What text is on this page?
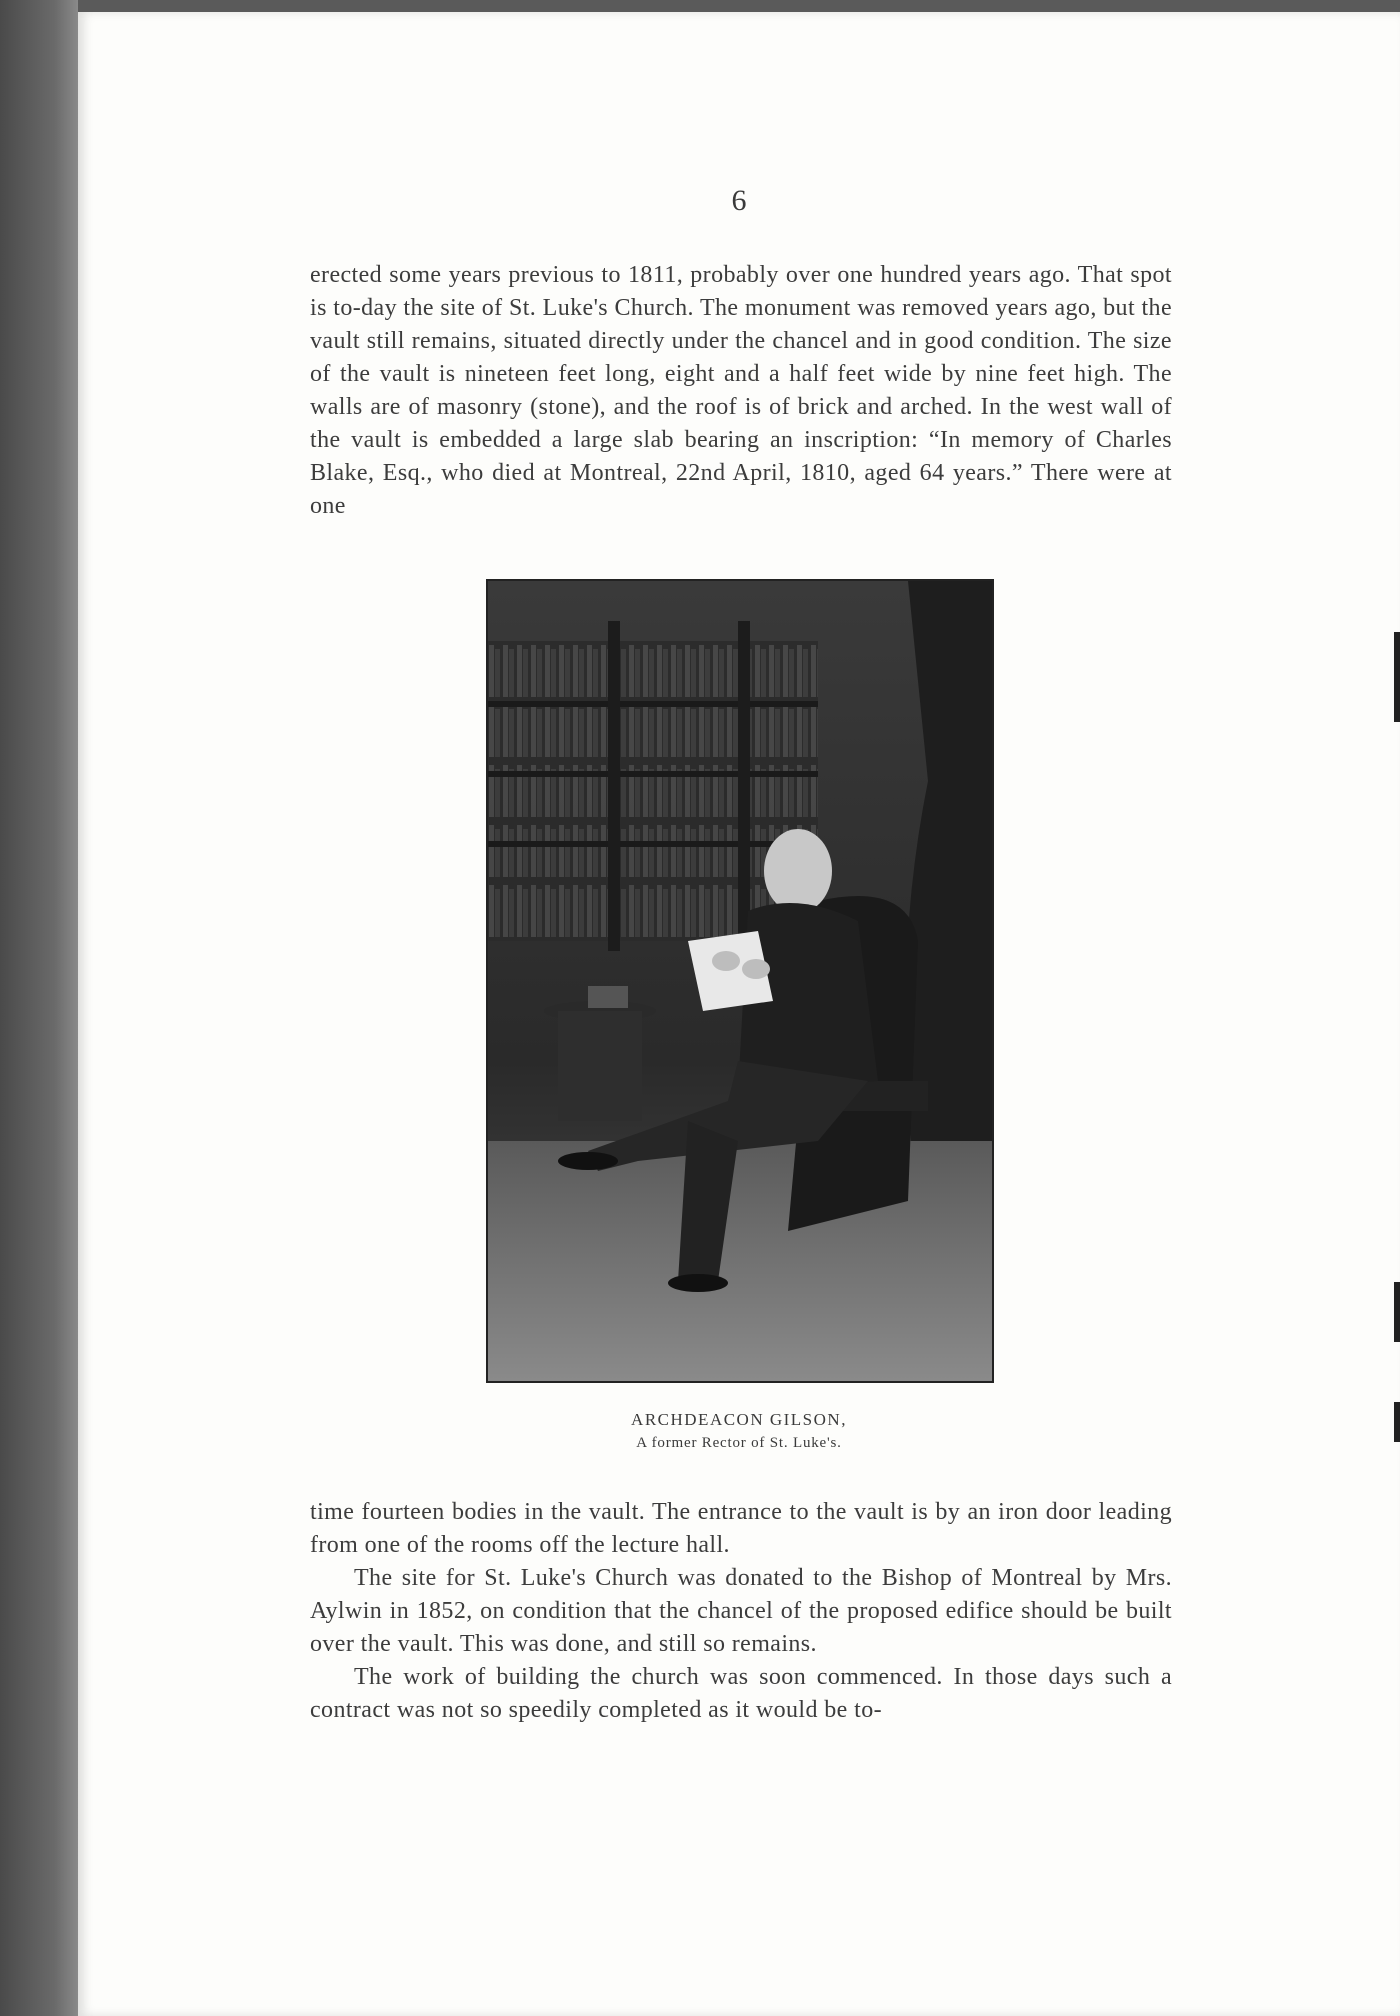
6

erected some years previous to 1811, probably over one hundred years ago. That spot is to-day the site of St. Luke's Church. The monument was removed years ago, but the vault still remains, situated directly under the chancel and in good condition. The size of the vault is nineteen feet long, eight and a half feet wide by nine feet high. The walls are of masonry (stone), and the roof is of brick and arched. In the west wall of the vault is embedded a large slab bearing an inscription: “In memory of Charles Blake, Esq., who died at Montreal, 22nd April, 1810, aged 64 years.” There were at one

ARCHDEACON GILSON,
A former Rector of St. Luke's.

time fourteen bodies in the vault. The entrance to the vault is by an iron door leading from one of the rooms off the lecture hall.

The site for St. Luke's Church was donated to the Bishop of Montreal by Mrs. Aylwin in 1852, on condition that the chancel of the proposed edifice should be built over the vault. This was done, and still so remains.

The work of building the church was soon commenced. In those days such a contract was not so speedily completed as it would be to-
